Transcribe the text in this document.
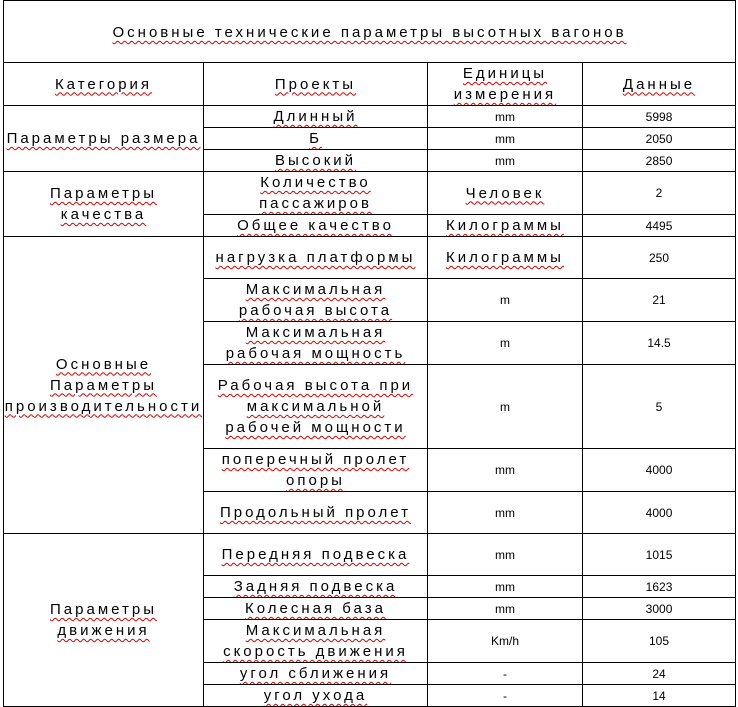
Основные технические параметры высотных вагонов			

Категория	Проекты	Единицы измерения	Данные
Параметры размера	Длинный	mm	5998
	Б	mm	2050
	Высокий	mm	2850
Параметры качества	Количество пассажиров	Человек	2
	Общее качество	Килограммы	4495
Основные Параметры производительности	нагрузка платформы	Килограммы	250
	Максимальная рабочая высота	m	21
	Максимальная рабочая мощность	m	14.5
	Рабочая высота при максимальной рабочей мощности	m	5
	поперечный пролет опоры	mm	4000
	Продольный пролет	mm	4000
Параметры движения	Передняя подвеска	mm	1015
	Задняя подвеска	mm	1623
	Колесная база	mm	3000
	Максимальная скорость движения	Km/h	105
	угол сближения	-	24
	угол ухода	-	14
